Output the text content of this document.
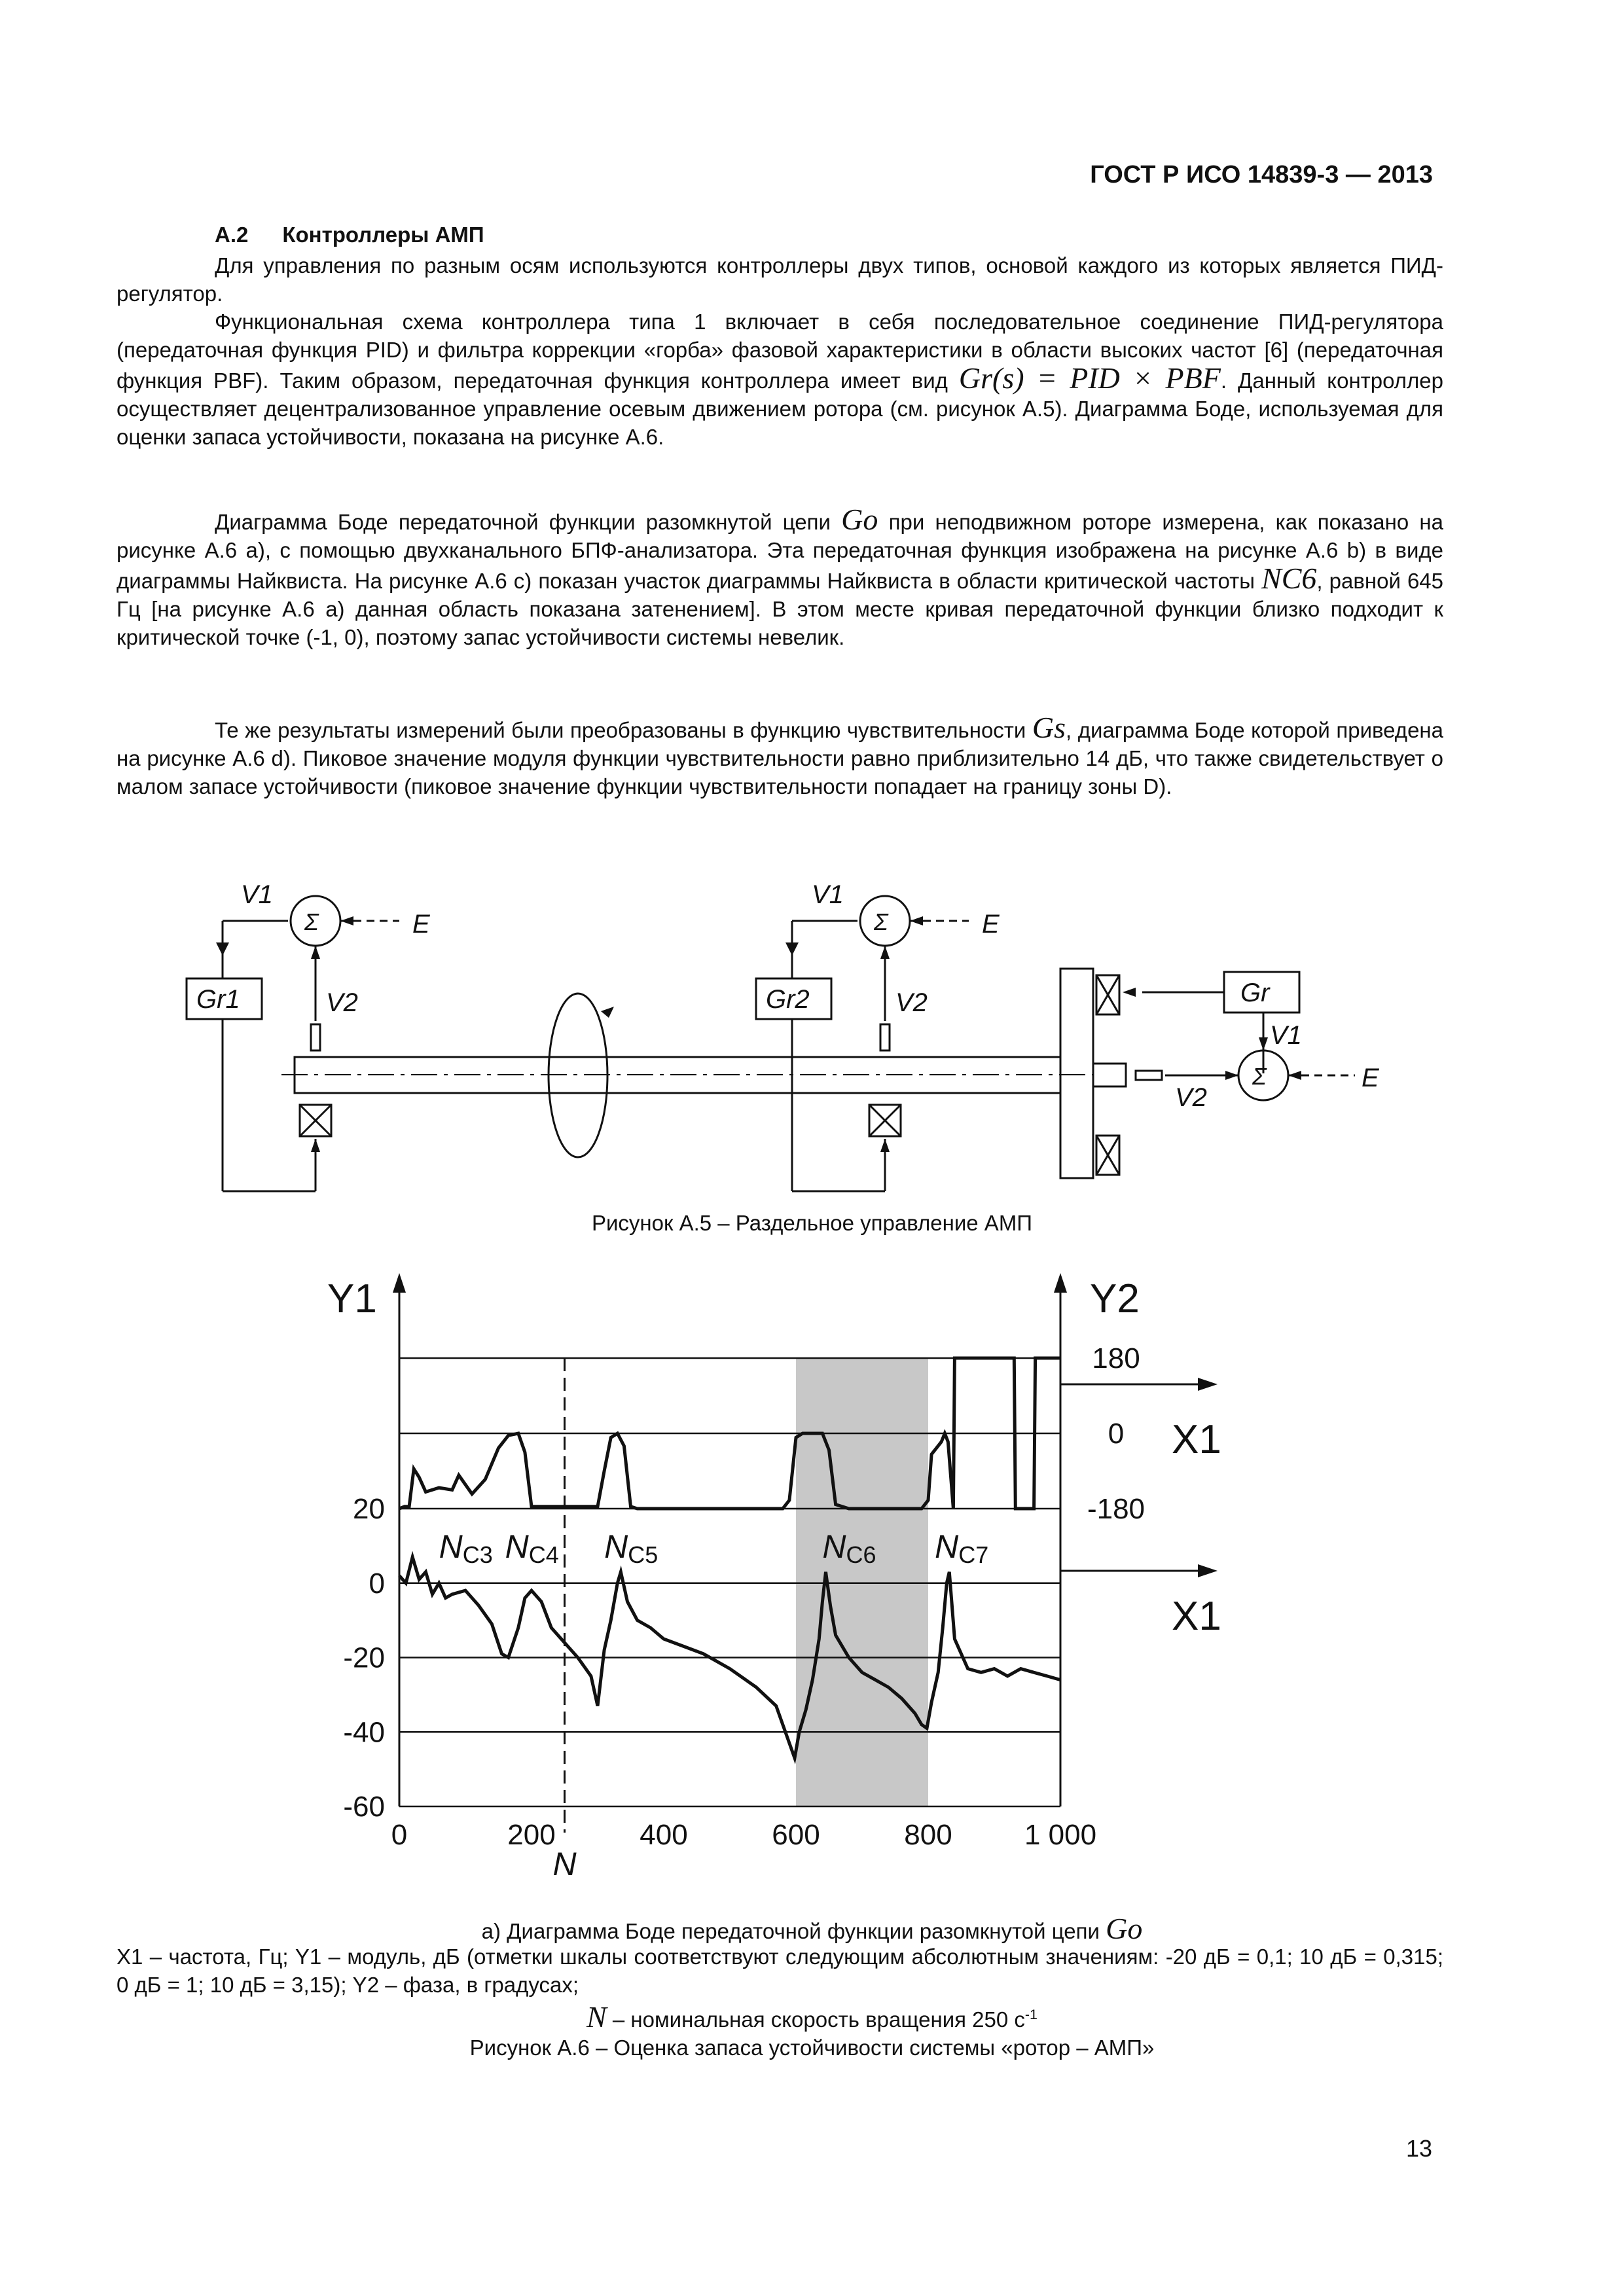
ГОСТ Р ИСО 14839-3 — 2013
А.2 Контроллеры АМП
Для управления по разным осям используются контроллеры двух типов, основой каждого из которых является ПИД-регулятор.
Функциональная схема контроллера типа 1 включает в себя последовательное соединение ПИД-регулятора (передаточная функция PID) и фильтра коррекции «горба» фазовой характеристики в области высоких частот [6] (передаточная функция PBF). Таким образом, передаточная функция контроллера имеет вид Gr(s) = PID × PBF. Данный контроллер осуществляет децентрализованное управление осевым движением ротора (см. рисунок А.5). Диаграмма Боде, используемая для оценки запаса устойчивости, показана на рисунке А.6.
Диаграмма Боде передаточной функции разомкнутой цепи Go при неподвижном роторе измерена, как показано на рисунке А.6 а), с помощью двухканального БПФ-анализатора. Эта передаточная функция изображена на рисунке А.6 b) в виде диаграммы Найквиста. На рисунке А.6 с) показан участок диаграммы Найквиста в области критической частоты NC6, равной 645 Гц [на рисунке А.6 а) данная область показана затенением]. В этом месте кривая передаточной функции близко подходит к критической точке (-1, 0), поэтому запас устойчивости системы невелик.
Те же результаты измерений были преобразованы в функцию чувствительности Gs, диаграмма Боде которой приведена на рисунке А.6 d). Пиковое значение модуля функции чувствительности равно приблизительно 14 дБ, что также свидетельствует о малом запасе устойчивости (пиковое значение функции чувствительности попадает на границу зоны D).
V1
E
Σ
Gr1	V2
V1
E
Σ
Gr2	V2	Gr
V1
V2
E
Σ
Рисунок А.5 – Раздельное управление АМП
20
0
-20
-40
-60
180
0
-180
0	200	400	600	800	1 000
N
Y1	Y2
X1
X1
NC3 NC4 NC5	NC6 NC7
а) Диаграмма Боде передаточной функции разомкнутой цепи Go
X1 – частота, Гц; Y1 – модуль, дБ (отметки шкалы соответствуют следующим абсолютным значениям: -20 дБ = 0,1; 10 дБ = 0,315; 0 дБ = 1; 10 дБ = 3,15); Y2 – фаза, в градусах;
N – номинальная скорость вращения 250 $с^{-1}$
Рисунок А.6 – Оценка запаса устойчивости системы «ротор – АМП»
13
